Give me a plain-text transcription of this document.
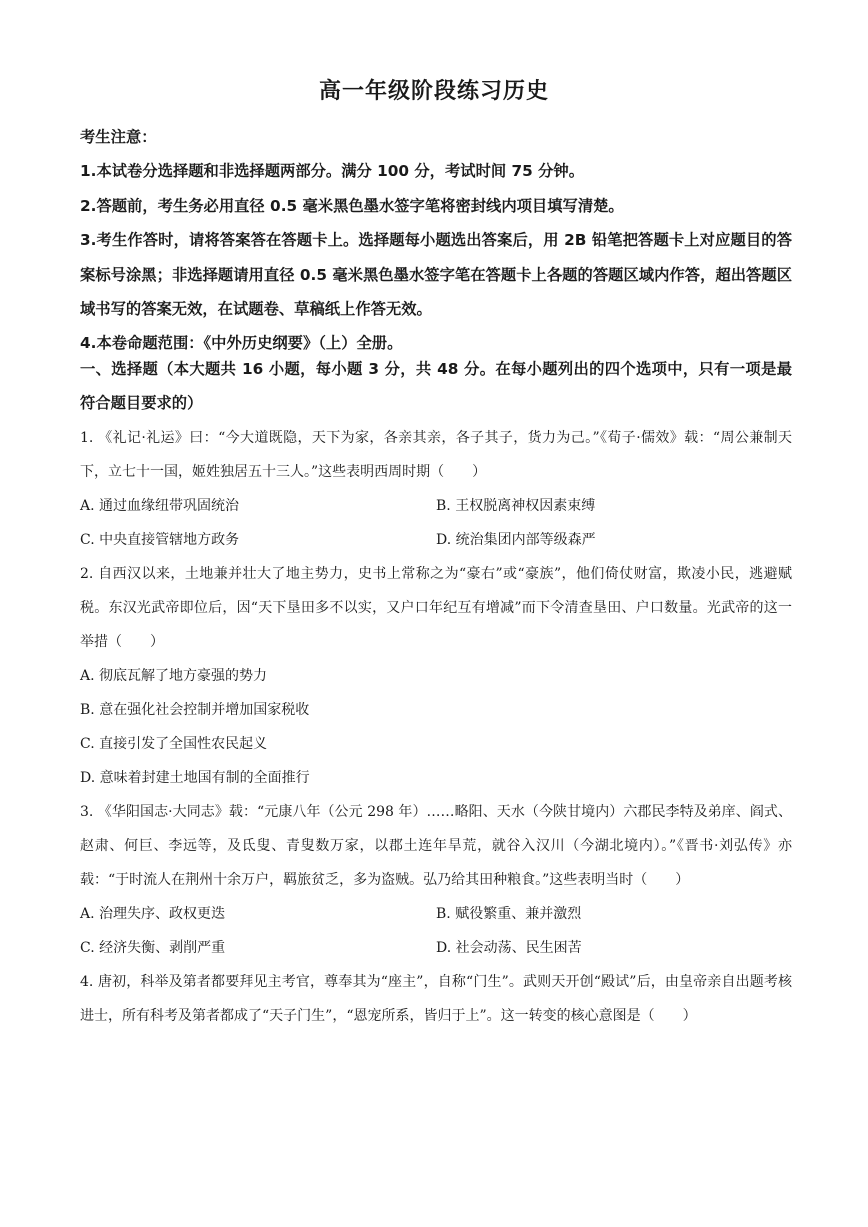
高一年级阶段练习历史

考生注意：

1.本试卷分选择题和非选择题两部分。满分 100 分，考试时间 75 分钟。

2.答题前，考生务必用直径 0.5 毫米黑色墨水签字笔将密封线内项目填写清楚。

3.考生作答时，请将答案答在答题卡上。选择题每小题选出答案后，用 2B 铅笔把答题卡上对应题目的答案标号涂黑；非选择题请用直径 0.5 毫米黑色墨水签字笔在答题卡上各题的答题区域内作答，超出答题区域书写的答案无效，在试题卷、草稿纸上作答无效。

4.本卷命题范围：《中外历史纲要》（上）全册。

一、选择题（本大题共 16 小题，每小题 3 分，共 48 分。在每小题列出的四个选项中，只有一项是最符合题目要求的）

1. 《礼记·礼运》曰：“今大道既隐，天下为家，各亲其亲，各子其子，货力为己。”《荀子·儒效》载：“周公兼制天下，立七十一国，姬姓独居五十三人。”这些表明西周时期（　　）

A. 通过血缘纽带巩固统治	B. 王权脱离神权因素束缚

C. 中央直接管辖地方政务	D. 统治集团内部等级森严

2. 自西汉以来，土地兼并壮大了地主势力，史书上常称之为“豪右”或“豪族”，他们倚仗财富，欺凌小民，逃避赋税。东汉光武帝即位后，因“天下垦田多不以实，又户口年纪互有增减”而下令清查垦田、户口数量。光武帝的这一举措（　　）

A. 彻底瓦解了地方豪强的势力

B. 意在强化社会控制并增加国家税收

C. 直接引发了全国性农民起义

D. 意味着封建土地国有制的全面推行

3. 《华阳国志·大同志》载：“元康八年（公元 298 年）……略阳、天水（今陕甘境内）六郡民李特及弟庠、阎式、赵肃、何巨、李远等，及氐叟、青叟数万家，以郡土连年旱荒，就谷入汉川（今湖北境内）。”《晋书·刘弘传》亦载：“于时流人在荆州十余万户，羁旅贫乏，多为盗贼。弘乃给其田种粮食。”这些表明当时（　　）

A. 治理失序、政权更迭	B. 赋役繁重、兼并激烈

C. 经济失衡、剥削严重	D. 社会动荡、民生困苦

4. 唐初，科举及第者都要拜见主考官，尊奉其为“座主”，自称“门生”。武则天开创“殿试”后，由皇帝亲自出题考核进士，所有科考及第者都成了“天子门生”，“恩宠所系，皆归于上”。这一转变的核心意图是（　　）
